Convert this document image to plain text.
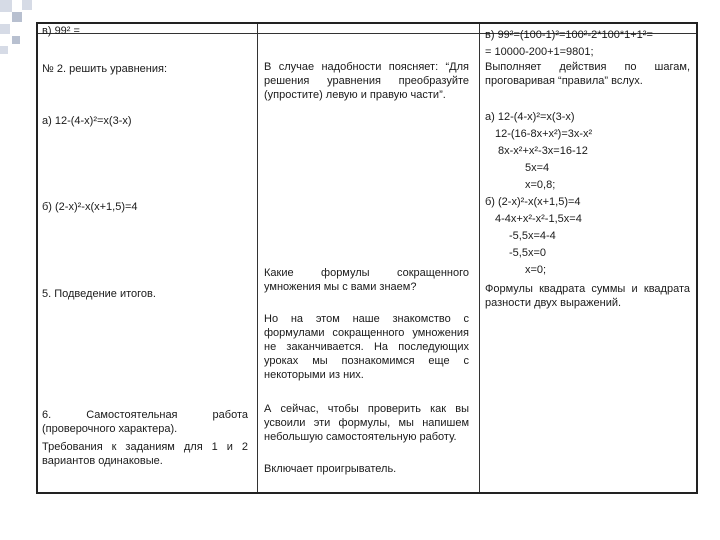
в) 99² =
№ 2. решить уравнения:
а) 12-(4-x)²=x(3-x)
б) (2-x)²-x(x+1,5)=4
5. Подведение итогов.
6. Самостоятельная работа (проверочного характера).
Требования к заданиям для 1 и 2 вариантов одинаковые.
В случае надобности поясняет: “Для решения уравнения преобразуйте (упростите) левую и правую части”.
Какие формулы сокращенного умножения мы с вами знаем?
Но на этом наше знакомство с формулами сокращенного умножения не заканчивается. На последующих уроках мы познакомимся еще с некоторыми из них.
А сейчас, чтобы проверить как вы усвоили эти формулы, мы напишем небольшую самостоятельную работу.
Включает проигрыватель.
в) 99²=(100-1)²=100²-2*100*1+1²=
= 10000-200+1=9801;
Выполняет действия по шагам, проговаривая “правила” вслух.
а) 12-(4-x)²=x(3-x)
12-(16-8x+x²)=3x-x²
8x-x²+x²-3x=16-12
5x=4
x=0,8;
б) (2-x)²-x(x+1,5)=4
4-4x+x²-x²-1,5x=4
-5,5x=4-4
-5,5x=0
x=0;
Формулы квадрата суммы и квадрата разности двух выражений.
